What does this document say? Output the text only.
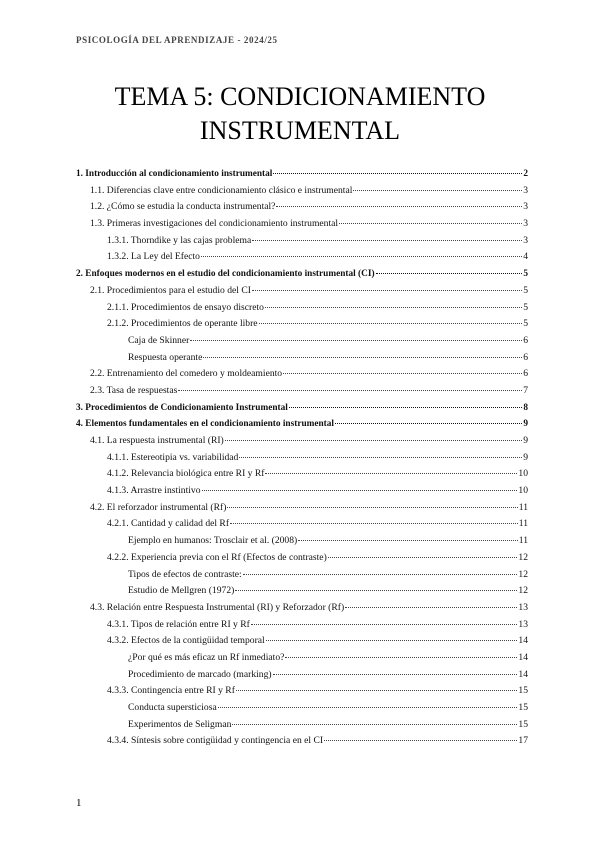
PSICOLOGÍA DEL APRENDIZAJE - 2024/25
TEMA 5: CONDICIONAMIENTO
INSTRUMENTAL
1. Introducción al condicionamiento instrumental	2
1.1. Diferencias clave entre condicionamiento clásico e instrumental	3
1.2. ¿Cómo se estudia la conducta instrumental?	3
1.3. Primeras investigaciones del condicionamiento instrumental	3
1.3.1. Thorndike y las cajas problema	3
1.3.2. La Ley del Efecto	4
2. Enfoques modernos en el estudio del condicionamiento instrumental (CI)	5
2.1. Procedimientos para el estudio del CI	5
2.1.1. Procedimientos de ensayo discreto	5
2.1.2. Procedimientos de operante libre	5
Caja de Skinner	6
Respuesta operante	6
2.2. Entrenamiento del comedero y moldeamiento	6
2.3. Tasa de respuestas	7
3. Procedimientos de Condicionamiento Instrumental	8
4. Elementos fundamentales en el condicionamiento instrumental	9
4.1. La respuesta instrumental (RI)	9
4.1.1. Estereotipia vs. variabilidad	9
4.1.2. Relevancia biológica entre RI y Rf	10
4.1.3. Arrastre instintivo	10
4.2. El reforzador instrumental (Rf)	11
4.2.1. Cantidad y calidad del Rf	11
Ejemplo en humanos: Trosclair et al. (2008)	11
4.2.2. Experiencia previa con el Rf (Efectos de contraste)	12
Tipos de efectos de contraste:	12
Estudio de Mellgren (1972)	12
4.3. Relación entre Respuesta Instrumental (RI) y Reforzador (Rf)	13
4.3.1. Tipos de relación entre RI y Rf	13
4.3.2. Efectos de la contigüidad temporal	14
¿Por qué es más eficaz un Rf inmediato?	14
Procedimiento de marcado (marking)	14
4.3.3. Contingencia entre RI y Rf	15
Conducta supersticiosa	15
Experimentos de Seligman	15
4.3.4. Síntesis sobre contigüidad y contingencia en el CI	17
1
